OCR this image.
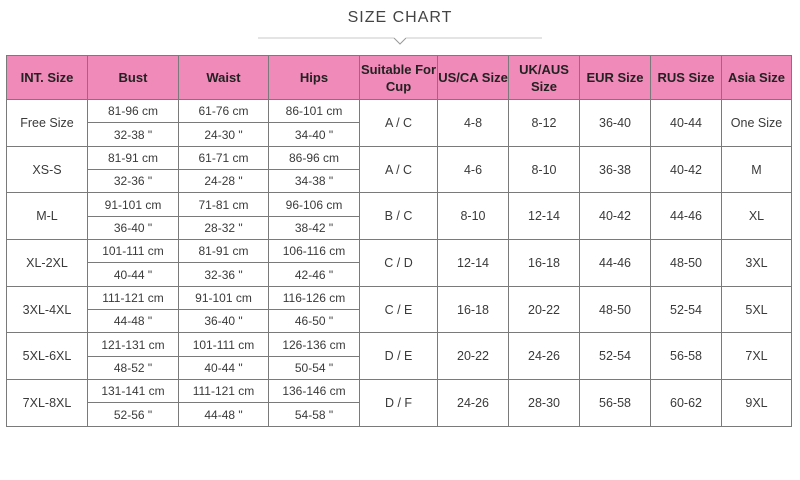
SIZE CHART
INT. Size	Bust	Waist	Hips	Suitable For Cup	US/CA Size	UK/AUS Size	EUR Size	RUS Size	Asia Size
Free Size	81-96 cm	61-76 cm	86-101 cm	A / C	4-8	8-12	36-40	40-44	One Size
	32-38 "	24-30 "	34-40 "						
XS-S	81-91 cm	61-71 cm	86-96 cm	A / C	4-6	8-10	36-38	40-42	M
	32-36 "	24-28 "	34-38 "						
M-L	91-101 cm	71-81 cm	96-106 cm	B / C	8-10	12-14	40-42	44-46	XL
	36-40 "	28-32 "	38-42 "						
XL-2XL	101-111 cm	81-91 cm	106-116 cm	C / D	12-14	16-18	44-46	48-50	3XL
	40-44 "	32-36 "	42-46 "						
3XL-4XL	111-121 cm	91-101 cm	116-126 cm	C / E	16-18	20-22	48-50	52-54	5XL
	44-48 "	36-40 "	46-50 "						
5XL-6XL	121-131 cm	101-111 cm	126-136 cm	D / E	20-22	24-26	52-54	56-58	7XL
	48-52 "	40-44 "	50-54 "						
7XL-8XL	131-141 cm	111-121 cm	136-146 cm	D / F	24-26	28-30	56-58	60-62	9XL
	52-56 "	44-48 "	54-58 "						
